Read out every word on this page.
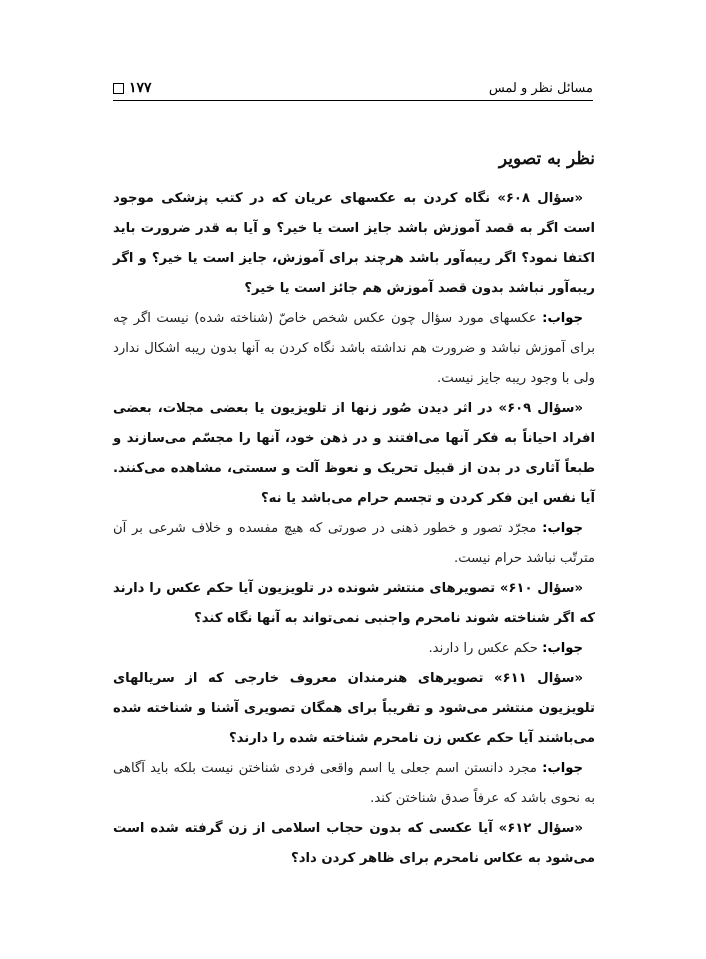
مسائل نظر و لمس
۱۷۷
نظر به تصویر

«سؤال ۶۰۸» نگاه کردن به عکسهای عریان که در کتب پزشکی موجود است اگر به قصد آموزش باشد جایز است یا خیر؟ و آیا به قدر ضرورت باید اکتفا نمود؟ اگر ریبه‌آور باشد هرچند برای آموزش، جایز است یا خیر؟ و اگر ریبه‌آور نباشد بدون قصد آموزش هم جائز است یا خیر؟

جواب: عکسهای مورد سؤال چون عکس شخص خاصّ (شناخته شده) نیست اگر چه برای آموزش نباشد و ضرورت هم نداشته باشد نگاه کردن به آنها بدون ریبه اشکال ندارد ولی با وجود ریبه جایز نیست.

«سؤال ۶۰۹» در اثر دیدن صُور زنها از تلویزیون یا بعضی مجلات، بعضی افراد احیاناً به فکر آنها می‌افتند و در ذهن خود، آنها را مجسّم می‌سازند و طبعاً آثاری در بدن از قبیل تحریک و نعوظ آلت و سستی، مشاهده می‌کنند. آیا نفس این فکر کردن و تجسم حرام می‌باشد یا نه؟

جواب: مجرّد تصور و خطور ذهنی در صورتی که هیچ مفسده و خلاف شرعی بر آن مترتّب نباشد حرام نیست.

«سؤال ۶۱۰» تصویرهای منتشر شونده در تلویزیون آیا حکم عکس را دارند که اگر شناخته شوند نامحرم واجنبی نمی‌تواند به آنها نگاه کند؟

جواب: حکم عکس را دارند.

«سؤال ۶۱۱» تصویرهای هنرمندان معروف خارجی که از سریالهای تلویزیون منتشر می‌شود و تقریباً برای همگان تصویری آشنا و شناخته شده می‌باشند آیا حکم عکس زن نامحرم شناخته شده را دارند؟

جواب: مجرد دانستن اسم جعلی یا اسم واقعی فردی شناختن نیست بلکه باید آگاهی به نحوی باشد که عرفاً صدق شناختن کند.

«سؤال ۶۱۲» آیا عکسی که بدون حجاب اسلامی از زن گرفته شده است می‌شود به عکاس نامحرم برای ظاهر کردن داد؟
